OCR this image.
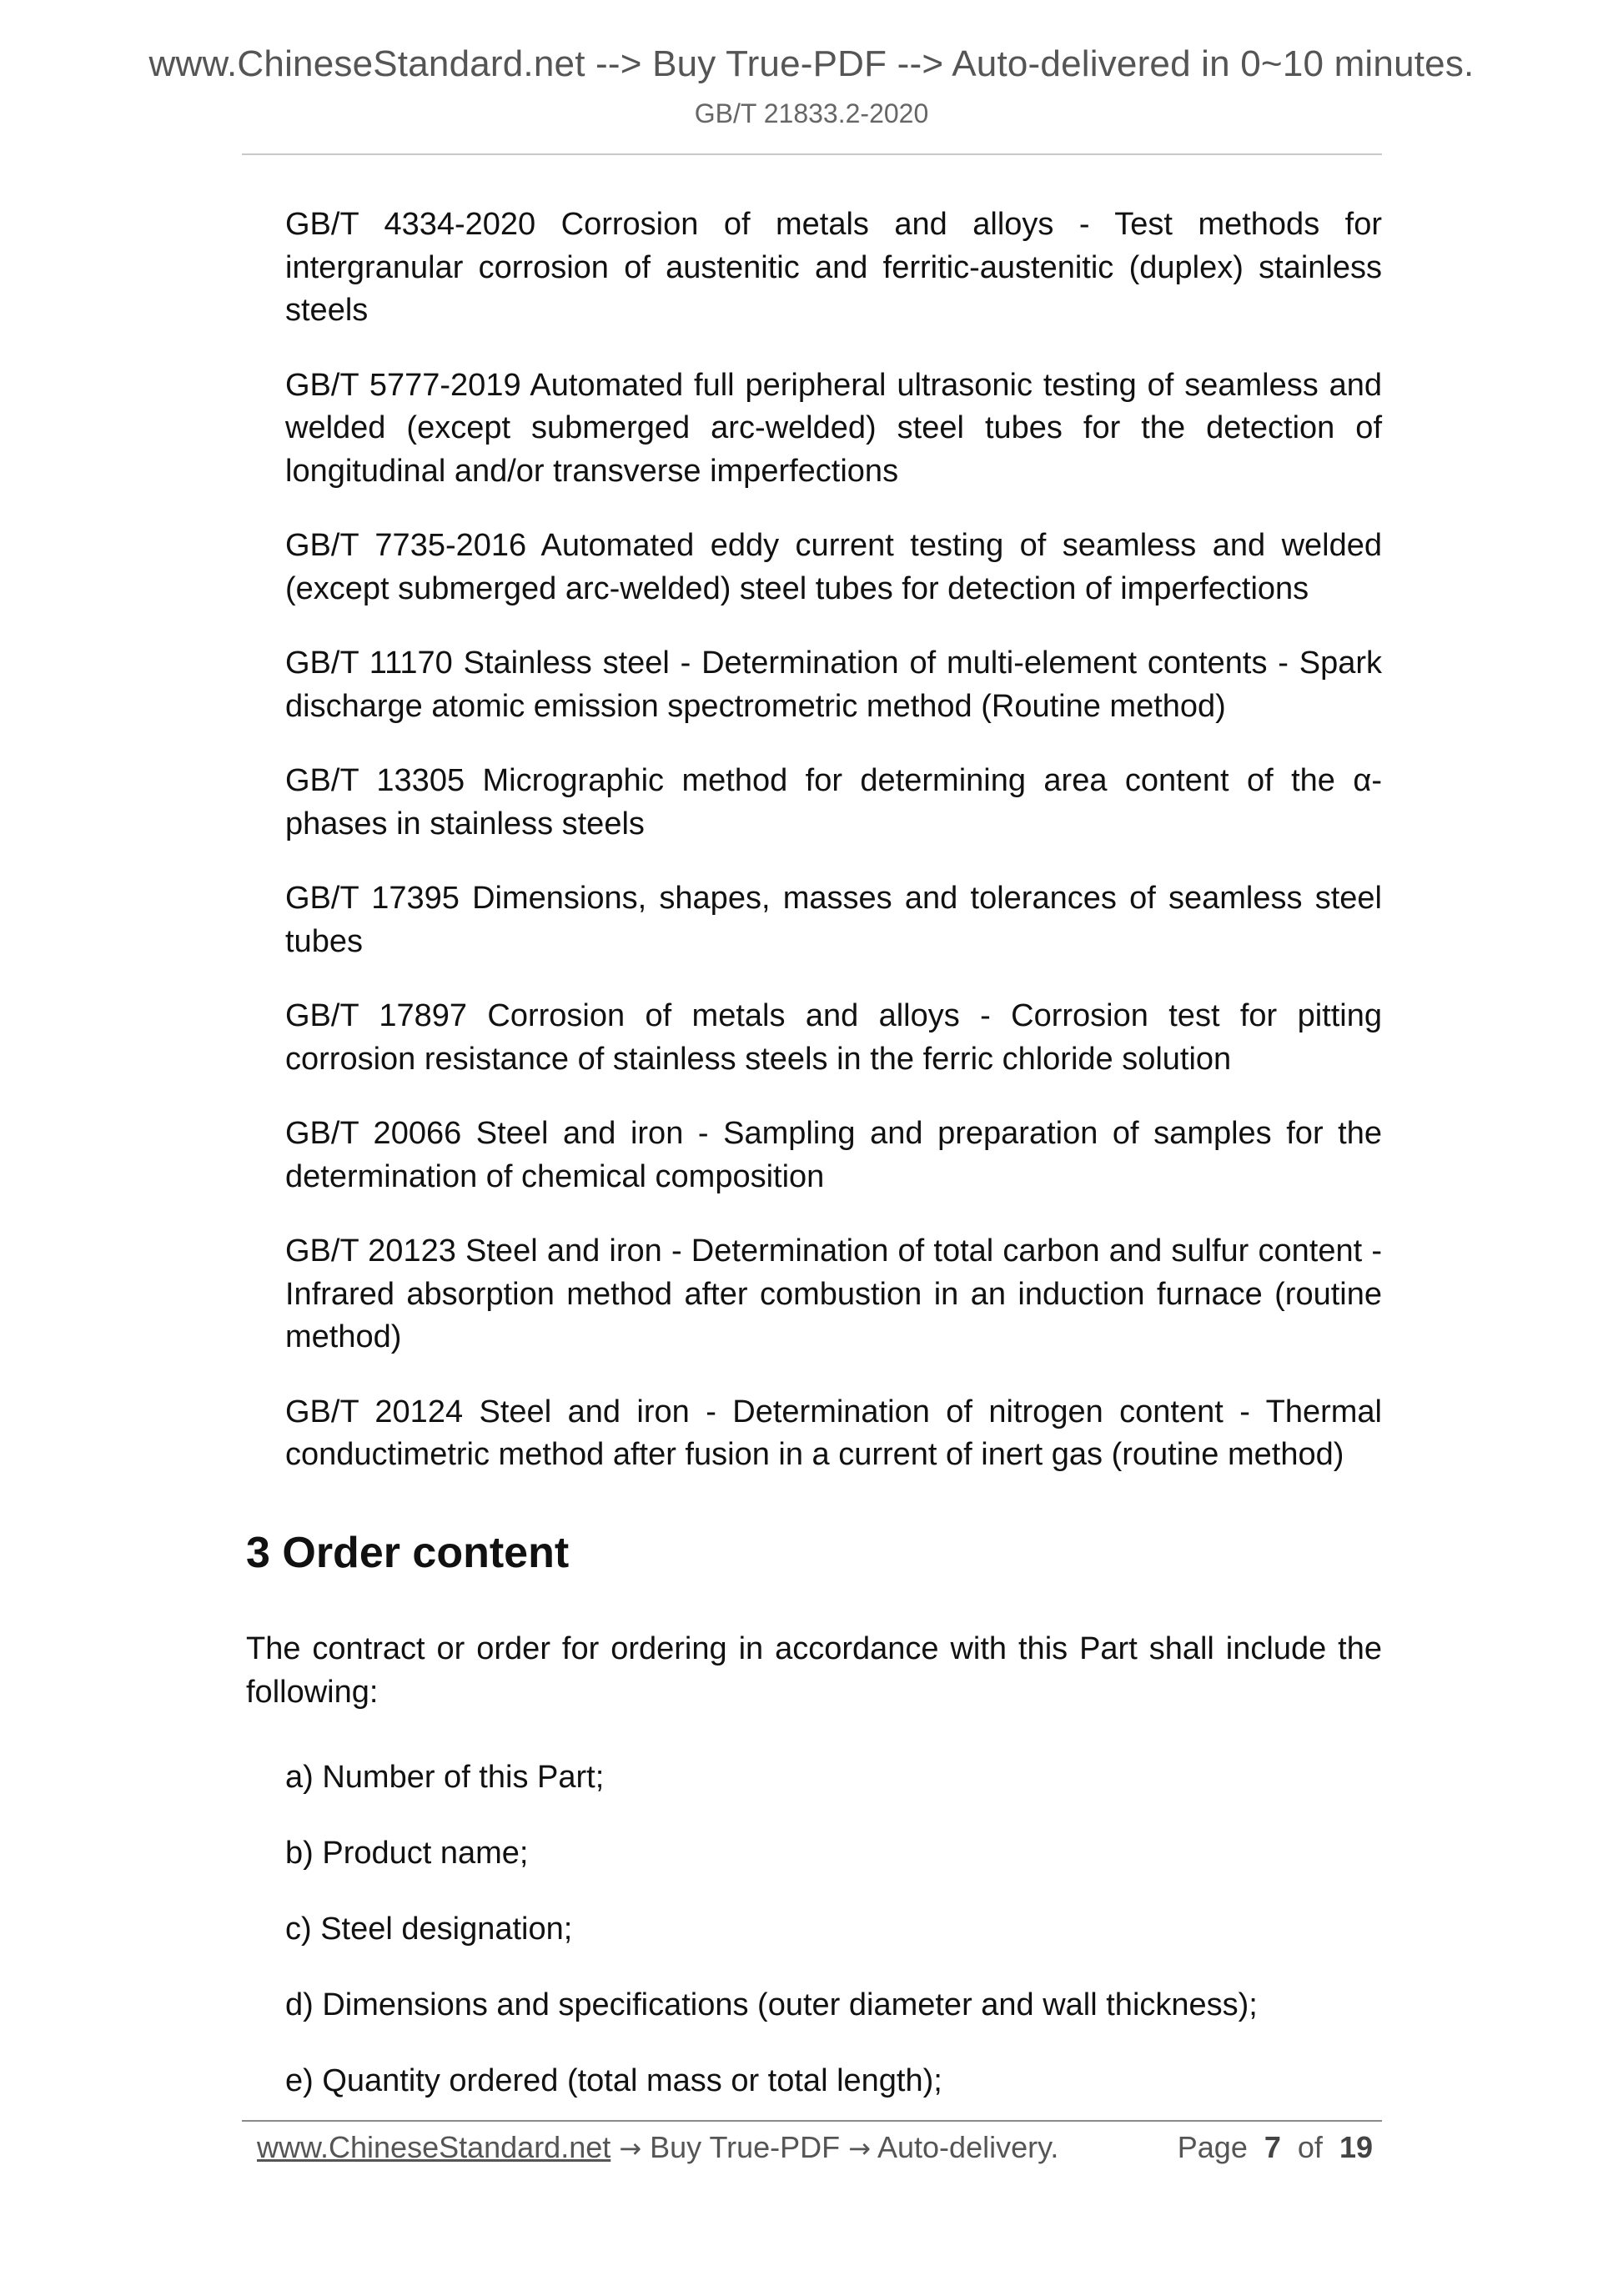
www.ChineseStandard.net --> Buy True-PDF --> Auto-delivered in 0~10 minutes.
GB/T 21833.2-2020

GB/T 4334-2020 Corrosion of metals and alloys - Test methods for intergranular corrosion of austenitic and ferritic-austenitic (duplex) stainless steels

GB/T 5777-2019 Automated full peripheral ultrasonic testing of seamless and welded (except submerged arc-welded) steel tubes for the detection of longitudinal and/or transverse imperfections

GB/T 7735-2016 Automated eddy current testing of seamless and welded (except submerged arc-welded) steel tubes for detection of imperfections

GB/T 11170 Stainless steel - Determination of multi-element contents - Spark discharge atomic emission spectrometric method (Routine method)

GB/T 13305 Micrographic method for determining area content of the α-phases in stainless steels

GB/T 17395 Dimensions, shapes, masses and tolerances of seamless steel tubes

GB/T 17897 Corrosion of metals and alloys - Corrosion test for pitting corrosion resistance of stainless steels in the ferric chloride solution

GB/T 20066 Steel and iron - Sampling and preparation of samples for the determination of chemical composition

GB/T 20123 Steel and iron - Determination of total carbon and sulfur content - Infrared absorption method after combustion in an induction furnace (routine method)

GB/T 20124 Steel and iron - Determination of nitrogen content - Thermal conductimetric method after fusion in a current of inert gas (routine method)

3 Order content

The contract or order for ordering in accordance with this Part shall include the following:

a) Number of this Part;
b) Product name;
c) Steel designation;
d) Dimensions and specifications (outer diameter and wall thickness);
e) Quantity ordered (total mass or total length);
www.ChineseStandard.net → Buy True-PDF → Auto-delivery.	Page 7 of 19
